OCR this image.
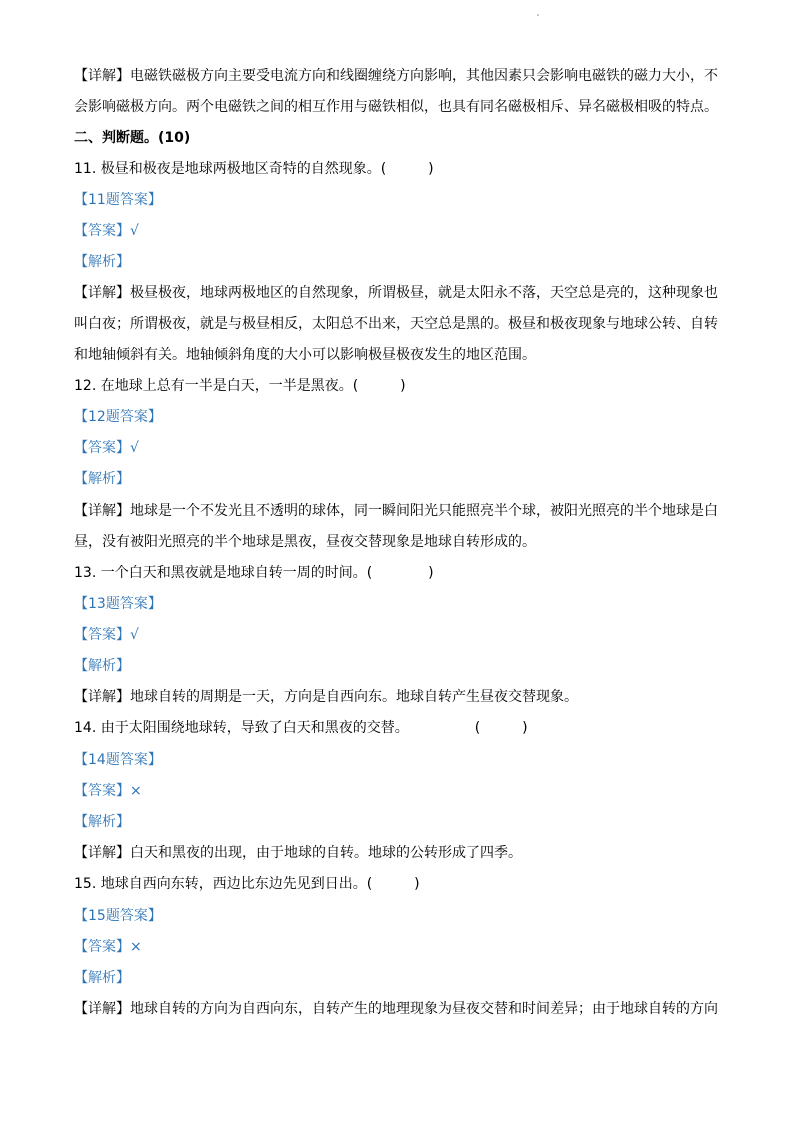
【详解】电磁铁磁极方向主要受电流方向和线圈缠绕方向影响，其他因素只会影响电磁铁的磁力大小，不
会影响磁极方向。两个电磁铁之间的相互作用与磁铁相似，也具有同名磁极相斥、异名磁极相吸的特点。
二、判断题。(10)
11. 极昼和极夜是地球两极地区奇特的自然现象。(　　　)
【11题答案】
【答案】√
【解析】
【详解】极昼极夜，地球两极地区的自然现象，所谓极昼，就是太阳永不落，天空总是亮的，这种现象也
叫白夜；所谓极夜，就是与极昼相反，太阳总不出来，天空总是黑的。极昼和极夜现象与地球公转、自转
和地轴倾斜有关。地轴倾斜角度的大小可以影响极昼极夜发生的地区范围。
12. 在地球上总有一半是白天，一半是黑夜。(　　　)
【12题答案】
【答案】√
【解析】
【详解】地球是一个不发光且不透明的球体，同一瞬间阳光只能照亮半个球，被阳光照亮的半个地球是白
昼，没有被阳光照亮的半个地球是黑夜，昼夜交替现象是地球自转形成的。
13. 一个白天和黑夜就是地球自转一周的时间。(　　　　)
【13题答案】
【答案】√
【解析】
【详解】地球自转的周期是一天，方向是自西向东。地球自转产生昼夜交替现象。
14. 由于太阳围绕地球转，导致了白天和黑夜的交替。	(　　　)
【14题答案】
【答案】×
【解析】
【详解】白天和黑夜的出现，由于地球的自转。地球的公转形成了四季。
15. 地球自西向东转，西边比东边先见到日出。(　　　)
【15题答案】
【答案】×
【解析】
【详解】地球自转的方向为自西向东，自转产生的地理现象为昼夜交替和时间差异；由于地球自转的方向
